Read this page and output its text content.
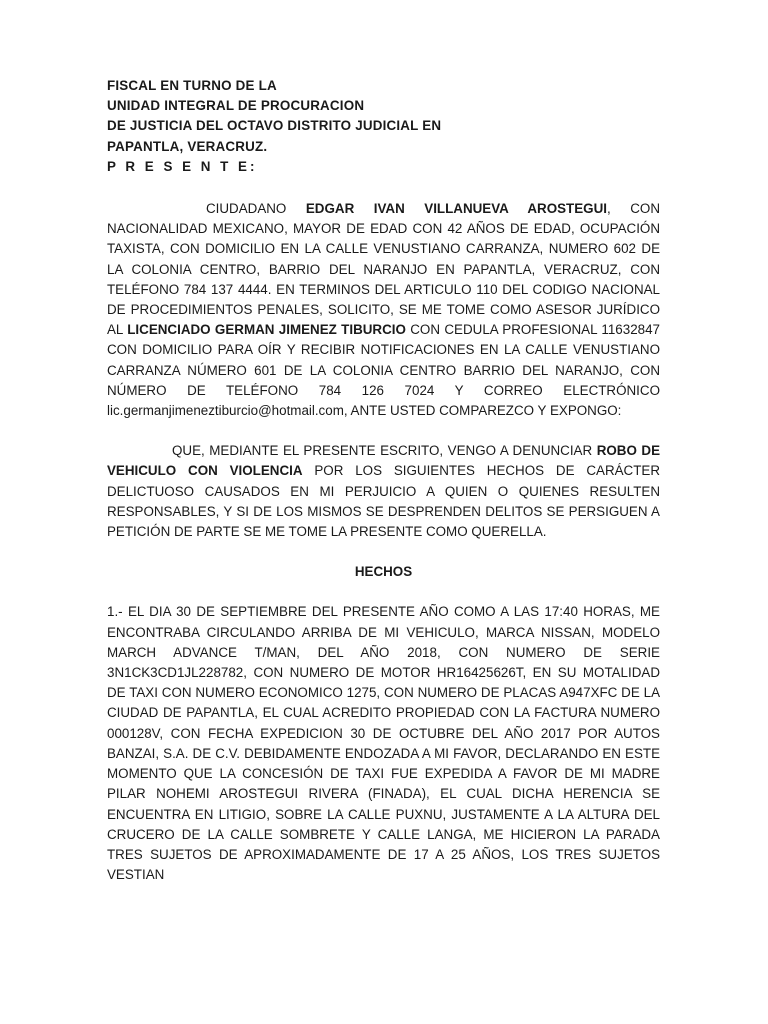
FISCAL EN TURNO DE LA
UNIDAD INTEGRAL DE PROCURACION
DE JUSTICIA DEL OCTAVO DISTRITO JUDICIAL EN
PAPANTLA, VERACRUZ.
P R E S E N T E:

CIUDADANO EDGAR IVAN VILLANUEVA AROSTEGUI, CON NACIONALIDAD MEXICANO, MAYOR DE EDAD CON 42 AÑOS DE EDAD, OCUPACIÓN TAXISTA, CON DOMICILIO EN LA CALLE VENUSTIANO CARRANZA, NUMERO 602 DE LA COLONIA CENTRO, BARRIO DEL NARANJO EN PAPANTLA, VERACRUZ, CON TELÉFONO 784 137 4444. EN TERMINOS DEL ARTICULO 110 DEL CODIGO NACIONAL DE PROCEDIMIENTOS PENALES, SOLICITO, SE ME TOME COMO ASESOR JURÍDICO AL LICENCIADO GERMAN JIMENEZ TIBURCIO CON CEDULA PROFESIONAL 11632847 CON DOMICILIO PARA OÍR Y RECIBIR NOTIFICACIONES EN LA CALLE VENUSTIANO CARRANZA NÚMERO 601 DE LA COLONIA CENTRO BARRIO DEL NARANJO, CON NÚMERO DE TELÉFONO 784 126 7024 Y CORREO ELECTRÓNICO lic.germanjimeneztiburcio@hotmail.com, ANTE USTED COMPAREZCO Y EXPONGO:

QUE, MEDIANTE EL PRESENTE ESCRITO, VENGO A DENUNCIAR ROBO DE VEHICULO CON VIOLENCIA POR LOS SIGUIENTES HECHOS DE CARÁCTER DELICTUOSO CAUSADOS EN MI PERJUICIO A QUIEN O QUIENES RESULTEN RESPONSABLES, Y SI DE LOS MISMOS SE DESPRENDEN DELITOS SE PERSIGUEN A PETICIÓN DE PARTE SE ME TOME LA PRESENTE COMO QUERELLA.

HECHOS

1.- EL DIA 30 DE SEPTIEMBRE DEL PRESENTE AÑO COMO A LAS 17:40 HORAS, ME ENCONTRABA CIRCULANDO ARRIBA DE MI VEHICULO, MARCA NISSAN, MODELO MARCH ADVANCE T/MAN, DEL AÑO 2018, CON NUMERO DE SERIE 3N1CK3CD1JL228782, CON NUMERO DE MOTOR HR16425626T, EN SU MOTALIDAD DE TAXI CON NUMERO ECONOMICO 1275, CON NUMERO DE PLACAS A947XFC DE LA CIUDAD DE PAPANTLA, EL CUAL ACREDITO PROPIEDAD CON LA FACTURA NUMERO 000128V, CON FECHA EXPEDICION 30 DE OCTUBRE DEL AÑO 2017 POR AUTOS BANZAI, S.A. DE C.V. DEBIDAMENTE ENDOZADA A MI FAVOR, DECLARANDO EN ESTE MOMENTO QUE LA CONCESIÓN DE TAXI FUE EXPEDIDA A FAVOR DE MI MADRE PILAR NOHEMI AROSTEGUI RIVERA (FINADA), EL CUAL DICHA HERENCIA SE ENCUENTRA EN LITIGIO, SOBRE LA CALLE PUXNU, JUSTAMENTE A LA ALTURA DEL CRUCERO DE LA CALLE SOMBRETE Y CALLE LANGA, ME HICIERON LA PARADA TRES SUJETOS DE APROXIMADAMENTE DE 17 A 25 AÑOS, LOS TRES SUJETOS VESTIAN
